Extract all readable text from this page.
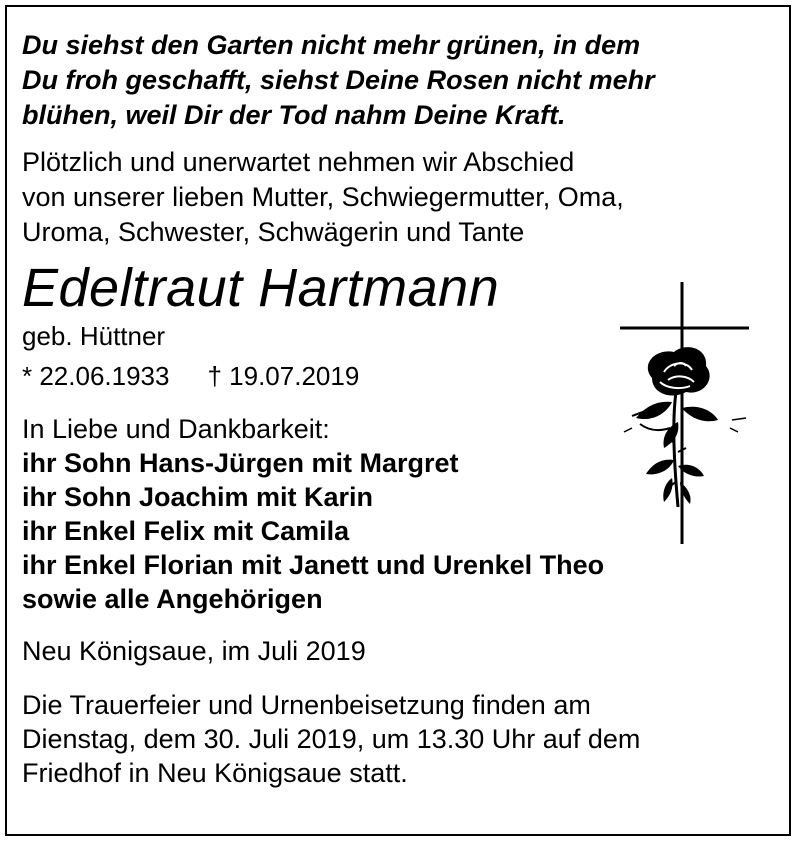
Du siehst den Garten nicht mehr grünen, in dem
Du froh geschafft, siehst Deine Rosen nicht mehr
blühen, weil Dir der Tod nahm Deine Kraft.
Plötzlich und unerwartet nehmen wir Abschied
von unserer lieben Mutter, Schwiegermutter, Oma,
Uroma, Schwester, Schwägerin und Tante
Edeltraut Hartmann
geb. Hüttner
* 22.06.1933 † 19.07.2019
In Liebe und Dankbarkeit:
ihr Sohn Hans-Jürgen mit Margret
ihr Sohn Joachim mit Karin
ihr Enkel Felix mit Camila
ihr Enkel Florian mit Janett und Urenkel Theo
sowie alle Angehörigen
Neu Königsaue, im Juli 2019
Die Trauerfeier und Urnenbeisetzung finden am
Dienstag, dem 30. Juli 2019, um 13.30 Uhr auf dem
Friedhof in Neu Königsaue statt.
